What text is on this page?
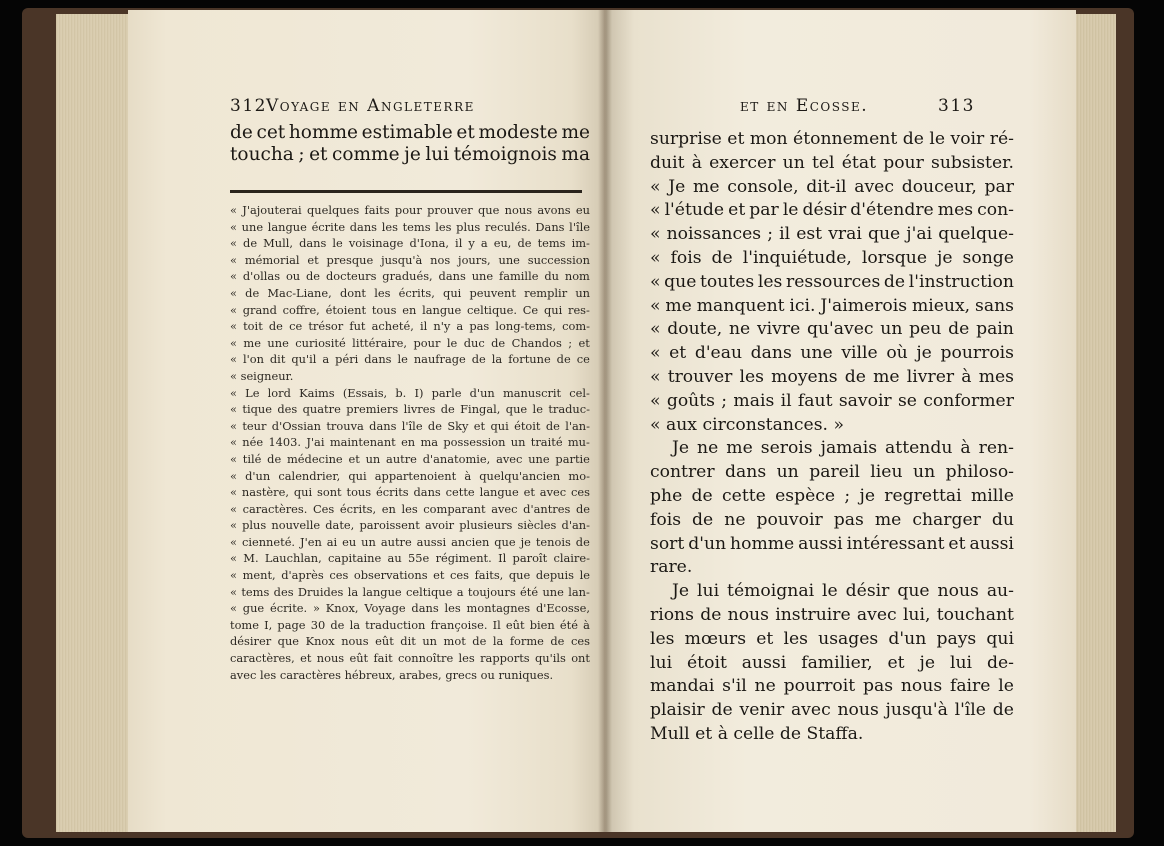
312 Voyage en Angleterre
de cet homme estimable et modeste me
toucha ; et comme je lui témoignois ma
« J'ajouterai quelques faits pour prouver que nous avons eu
« une langue écrite dans les tems les plus reculés. Dans l'île
« de Mull, dans le voisinage d'Iona, il y a eu, de tems im-
« mémorial et presque jusqu'à nos jours, une succession
« d'ollas ou de docteurs gradués, dans une famille du nom
« de Mac-Liane, dont les écrits, qui peuvent remplir un
« grand coffre, étoient tous en langue celtique. Ce qui res-
« toit de ce trésor fut acheté, il n'y a pas long-tems, com-
« me une curiosité littéraire, pour le duc de Chandos ; et
« l'on dit qu'il a péri dans le naufrage de la fortune de ce
« seigneur.
« Le lord Kaims (Essais, b. I) parle d'un manuscrit cel-
« tique des quatre premiers livres de Fingal, que le traduc-
« teur d'Ossian trouva dans l'île de Sky et qui étoit de l'an-
« née 1403. J'ai maintenant en ma possession un traité mu-
« tilé de médecine et un autre d'anatomie, avec une partie
« d'un calendrier, qui appartenoient à quelqu'ancien mo-
« nastère, qui sont tous écrits dans cette langue et avec ces
« caractères. Ces écrits, en les comparant avec d'antres de
« plus nouvelle date, paroissent avoir plusieurs siècles d'an-
« cienneté. J'en ai eu un autre aussi ancien que je tenois de
« M. Lauchlan, capitaine au 55e régiment. Il paroît claire-
« ment, d'après ces observations et ces faits, que depuis le
« tems des Druides la langue celtique a toujours été une lan-
« gue écrite. » Knox, Voyage dans les montagnes d'Ecosse,
tome I, page 30 de la traduction françoise. Il eût bien été à
désirer que Knox nous eût dit un mot de la forme de ces
caractères, et nous eût fait connoître les rapports qu'ils ont
avec les caractères hébreux, arabes, grecs ou runiques.
et en Ecosse.	313
surprise et mon étonnement de le voir ré-
duit à exercer un tel état pour subsister.
« Je me console, dit-il avec douceur, par
« l'étude et par le désir d'étendre mes con-
« noissances ; il est vrai que j'ai quelque-
« fois de l'inquiétude, lorsque je songe
« que toutes les ressources de l'instruction
« me manquent ici. J'aimerois mieux, sans
« doute, ne vivre qu'avec un peu de pain
« et d'eau dans une ville où je pourrois
« trouver les moyens de me livrer à mes
« goûts ; mais il faut savoir se conformer
« aux circonstances. »
Je ne me serois jamais attendu à ren-
contrer dans un pareil lieu un philoso-
phe de cette espèce ; je regrettai mille
fois de ne pouvoir pas me charger du
sort d'un homme aussi intéressant et aussi
rare.
Je lui témoignai le désir que nous au-
rions de nous instruire avec lui, touchant
les mœurs et les usages d'un pays qui
lui étoit aussi familier, et je lui de-
mandai s'il ne pourroit pas nous faire le
plaisir de venir avec nous jusqu'à l'île de
Mull et à celle de Staffa.
